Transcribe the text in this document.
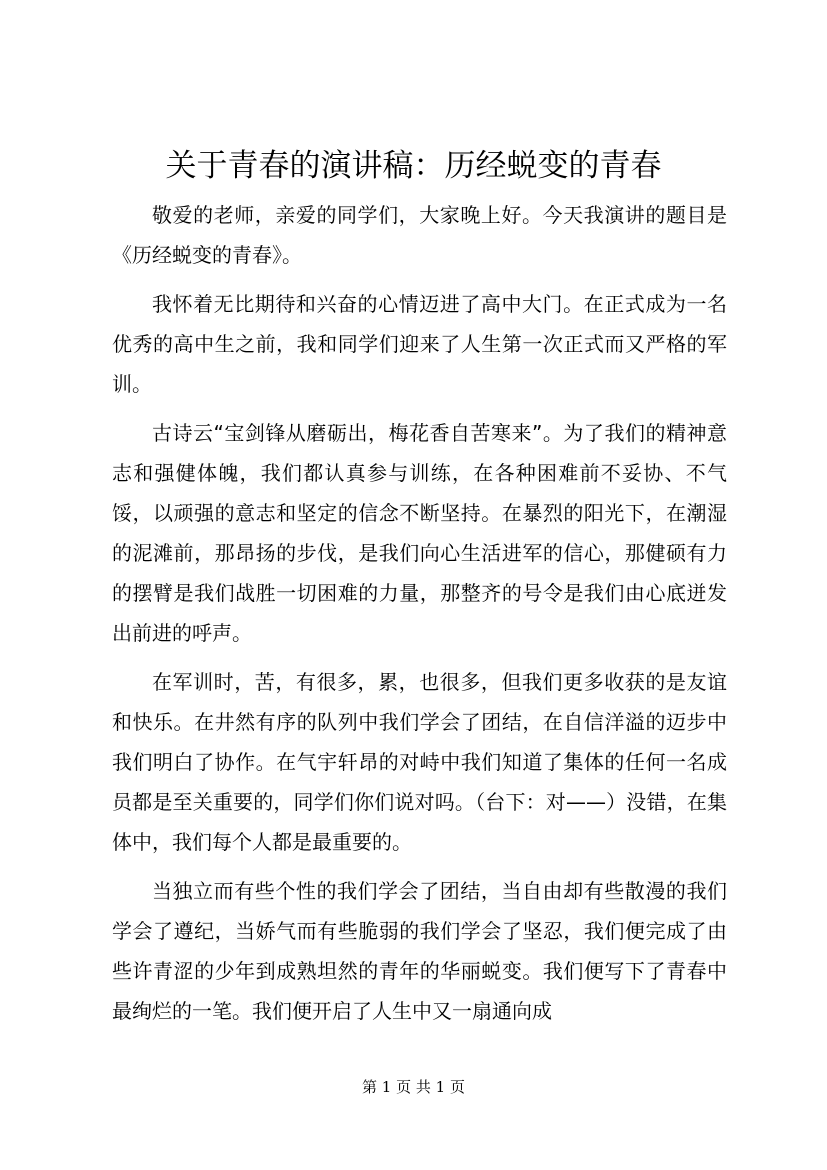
关于青春的演讲稿：历经蜕变的青春

敬爱的老师，亲爱的同学们，大家晚上好。今天我演讲的题目是《历经蜕变的青春》。

我怀着无比期待和兴奋的心情迈进了高中大门。在正式成为一名优秀的高中生之前，我和同学们迎来了人生第一次正式而又严格的军训。

古诗云“宝剑锋从磨砺出，梅花香自苦寒来”。为了我们的精神意志和强健体魄，我们都认真参与训练，在各种困难前不妥协、不气馁，以顽强的意志和坚定的信念不断坚持。在暴烈的阳光下，在潮湿的泥滩前，那昂扬的步伐，是我们向心生活进军的信心，那健硕有力的摆臂是我们战胜一切困难的力量，那整齐的号令是我们由心底迸发出前进的呼声。

在军训时，苦，有很多，累，也很多，但我们更多收获的是友谊和快乐。在井然有序的队列中我们学会了团结，在自信洋溢的迈步中我们明白了协作。在气宇轩昂的对峙中我们知道了集体的任何一名成员都是至关重要的，同学们你们说对吗。（台下：对——）没错，在集体中，我们每个人都是最重要的。

当独立而有些个性的我们学会了团结，当自由却有些散漫的我们学会了遵纪，当娇气而有些脆弱的我们学会了坚忍，我们便完成了由些许青涩的少年到成熟坦然的青年的华丽蜕变。我们便写下了青春中最绚烂的一笔。我们便开启了人生中又一扇通向成

第 1 页 共 1 页
